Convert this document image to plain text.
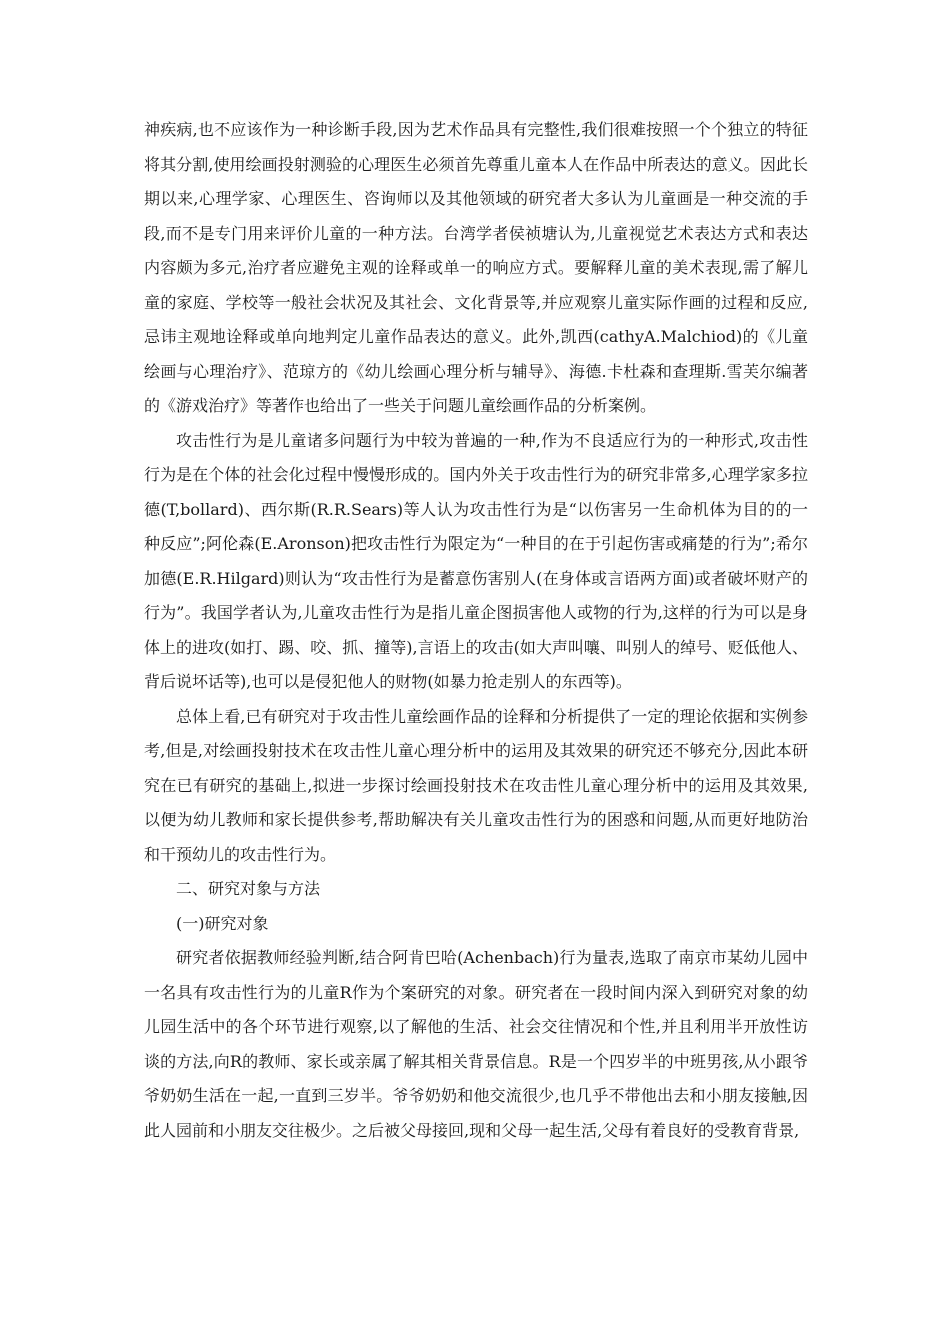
神疾病,也不应该作为一种诊断手段,因为艺术作品具有完整性,我们很难按照一个个独立的特征将其分割,使用绘画投射测验的心理医生必须首先尊重儿童本人在作品中所表达的意义。因此长期以来,心理学家、心理医生、咨询师以及其他领域的研究者大多认为儿童画是一种交流的手段,而不是专门用来评价儿童的一种方法。台湾学者侯祯塘认为,儿童视觉艺术表达方式和表达内容颇为多元,治疗者应避免主观的诠释或单一的响应方式。要解释儿童的美术表现,需了解儿童的家庭、学校等一般社会状况及其社会、文化背景等,并应观察儿童实际作画的过程和反应,忌讳主观地诠释或单向地判定儿童作品表达的意义。此外,凯西(cathyA.Malchiod)的《儿童绘画与心理治疗》、范琼方的《幼儿绘画心理分析与辅导》、海德.卡杜森和查理斯.雪芙尔编著的《游戏治疗》等著作也给出了一些关于问题儿童绘画作品的分析案例。

攻击性行为是儿童诸多问题行为中较为普遍的一种,作为不良适应行为的一种形式,攻击性行为是在个体的社会化过程中慢慢形成的。国内外关于攻击性行为的研究非常多,心理学家多拉德(T,bollard)、西尔斯(R.R.Sears)等人认为攻击性行为是“以伤害另一生命机体为目的的一种反应”;阿伦森(E.Aronson)把攻击性行为限定为“一种目的在于引起伤害或痛楚的行为”;希尔加德(E.R.Hilgard)则认为“攻击性行为是蓄意伤害别人(在身体或言语两方面)或者破坏财产的行为”。我国学者认为,儿童攻击性行为是指儿童企图损害他人或物的行为,这样的行为可以是身体上的进攻(如打、踢、咬、抓、撞等),言语上的攻击(如大声叫嚷、叫别人的绰号、贬低他人、背后说坏话等),也可以是侵犯他人的财物(如暴力抢走别人的东西等)。

总体上看,已有研究对于攻击性儿童绘画作品的诠释和分析提供了一定的理论依据和实例参考,但是,对绘画投射技术在攻击性儿童心理分析中的运用及其效果的研究还不够充分,因此本研究在已有研究的基础上,拟进一步探讨绘画投射技术在攻击性儿童心理分析中的运用及其效果,以便为幼儿教师和家长提供参考,帮助解决有关儿童攻击性行为的困惑和问题,从而更好地防治和干预幼儿的攻击性行为。

二、研究对象与方法

(一)研究对象

研究者依据教师经验判断,结合阿肯巴哈(Achenbach)行为量表,选取了南京市某幼儿园中一名具有攻击性行为的儿童R作为个案研究的对象。研究者在一段时间内深入到研究对象的幼儿园生活中的各个环节进行观察,以了解他的生活、社会交往情况和个性,并且利用半开放性访谈的方法,向R的教师、家长或亲属了解其相关背景信息。R是一个四岁半的中班男孩,从小跟爷爷奶奶生活在一起,一直到三岁半。爷爷奶奶和他交流很少,也几乎不带他出去和小朋友接触,因此人园前和小朋友交往极少。之后被父母接回,现和父母一起生活,父母有着良好的受教育背景,
